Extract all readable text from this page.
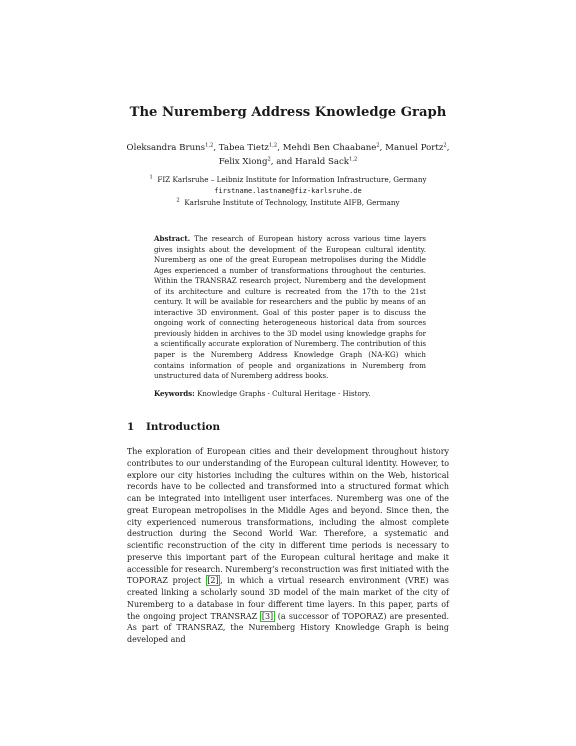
The Nuremberg Address Knowledge Graph
Oleksandra Bruns$^{1,2}$, Tabea Tietz$^{1,2}$, Mehdi Ben Chaabane$^2$, Manuel Portz$^2$,
Felix Xiong$^2$, and Harald Sack$^{1,2}$
$^1$ FIZ Karlsruhe – Leibniz Institute for Information Infrastructure, Germany
firstname.lastname@fiz-karlsruhe.de
$^2$ Karlsruhe Institute of Technology, Institute AIFB, Germany
Abstract. The research of European history across various time layers gives insights about the development of the European cultural identity. Nuremberg as one of the great European metropolises during the Middle Ages experienced a number of transformations throughout the centuries. Within the TRANSRAZ research project, Nuremberg and the development of its architecture and culture is recreated from the 17th to the 21st century. It will be available for researchers and the public by means of an interactive 3D environment. Goal of this poster paper is to discuss the ongoing work of connecting heterogeneous historical data from sources previously hidden in archives to the 3D model using knowledge graphs for a scientifically accurate exploration of Nuremberg. The contribution of this paper is the Nuremberg Address Knowledge Graph (NA-KG) which contains information of people and organizations in Nuremberg from unstructured data of Nuremberg address books.
Keywords: Knowledge Graphs · Cultural Heritage · History.
1 Introduction

The exploration of European cities and their development throughout history contributes to our understanding of the European cultural identity. However, to explore our city histories including the cultures within on the Web, historical records have to be collected and transformed into a structured format which can be integrated into intelligent user interfaces. Nuremberg was one of the great European metropolises in the Middle Ages and beyond. Since then, the city experienced numerous transformations, including the almost complete destruction during the Second World War. Therefore, a systematic and scientific reconstruction of the city in different time periods is necessary to preserve this important part of the European cultural heritage and make it accessible for research. Nuremberg’s reconstruction was first initiated with the TOPORAZ project [2] , in which a virtual research environment (VRE) was created linking a scholarly sound 3D model of the main market of the city of Nuremberg to a database in four different time layers. In this paper, parts of the ongoing project TRANSRAZ [3] (a successor of TOPORAZ) are presented. As part of TRANSRAZ, the Nuremberg History Knowledge Graph is being developed and
